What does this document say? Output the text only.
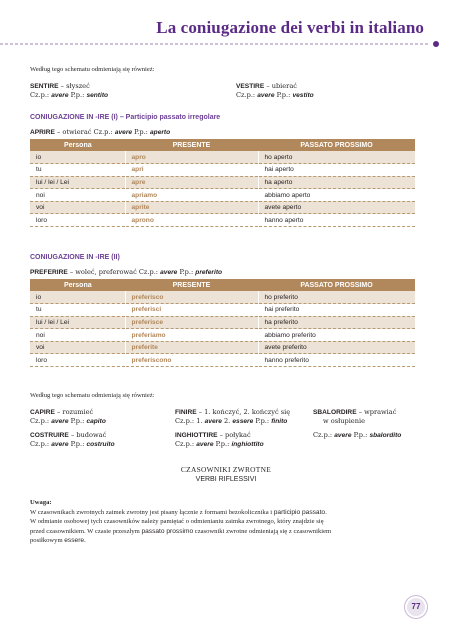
La coniugazione dei verbi in italiano
Według tego schematu odmieniają się również:
SENTIRE – słyszeć
Cz.p.: avere P.p.: sentito
VESTIRE – ubierać
Cz.p.: avere P.p.: vestito
CONIUGAZIONE IN -IRE (I) – Participio passato irregolare
APRIRE – otwierać Cz.p.: avere P.p.: aperto
Persona	PRESENTE	PASSATO PROSSIMO
io	apro	ho aperto
tu	apri	hai aperto
lui / lei / Lei	apre	ha aperto
noi	apriamo	abbiamo aperto
voi	aprite	avete aperto
loro	aprono	hanno aperto
CONIUGAZIONE IN -IRE (II)
PREFERIRE – woleć, preferować Cz.p.: avere P.p.: preferito
Persona	PRESENTE	PASSATO PROSSIMO
io	preferisco	ho preferito
tu	preferisci	hai preferito
lui / lei / Lei	preferisce	ha preferito
noi	preferiamo	abbiamo preferito
voi	preferite	avete preferito
loro	preferiscono	hanno preferito
Według tego schematu odmieniają się również:
CAPIRE – rozumieć
Cz.p.: avere P.p.: capito
COSTRUIRE – budować
Cz.p.: avere P.p.: costruito
FINIRE – 1. kończyć, 2. kończyć się
Cz.p.: 1. avere 2. essere P.p.: finito
INGHIOTTIRE – połykać
Cz.p.: avere P.p.: inghiottito
SBALORDIRE – wprawiać
w osłupienie
Cz.p.: avere P.p.: sbalordito
CZASOWNIKI ZWROTNE
VERBI RIFLESSIVI
Uwaga:
W czasownikach zwrotnych zaimek zwrotny jest pisany łącznie z formami bezokolicznika i participio passato.
W odmianie osobowej tych czasowników należy pamiętać o odmienianiu zaimka zwrotnego, który znajdzie się
przed czasownikiem. W czasie przeszłym passato prossimo czasowniki zwrotne odmieniają się z czasownikiem
posiłkowym essere.
77
